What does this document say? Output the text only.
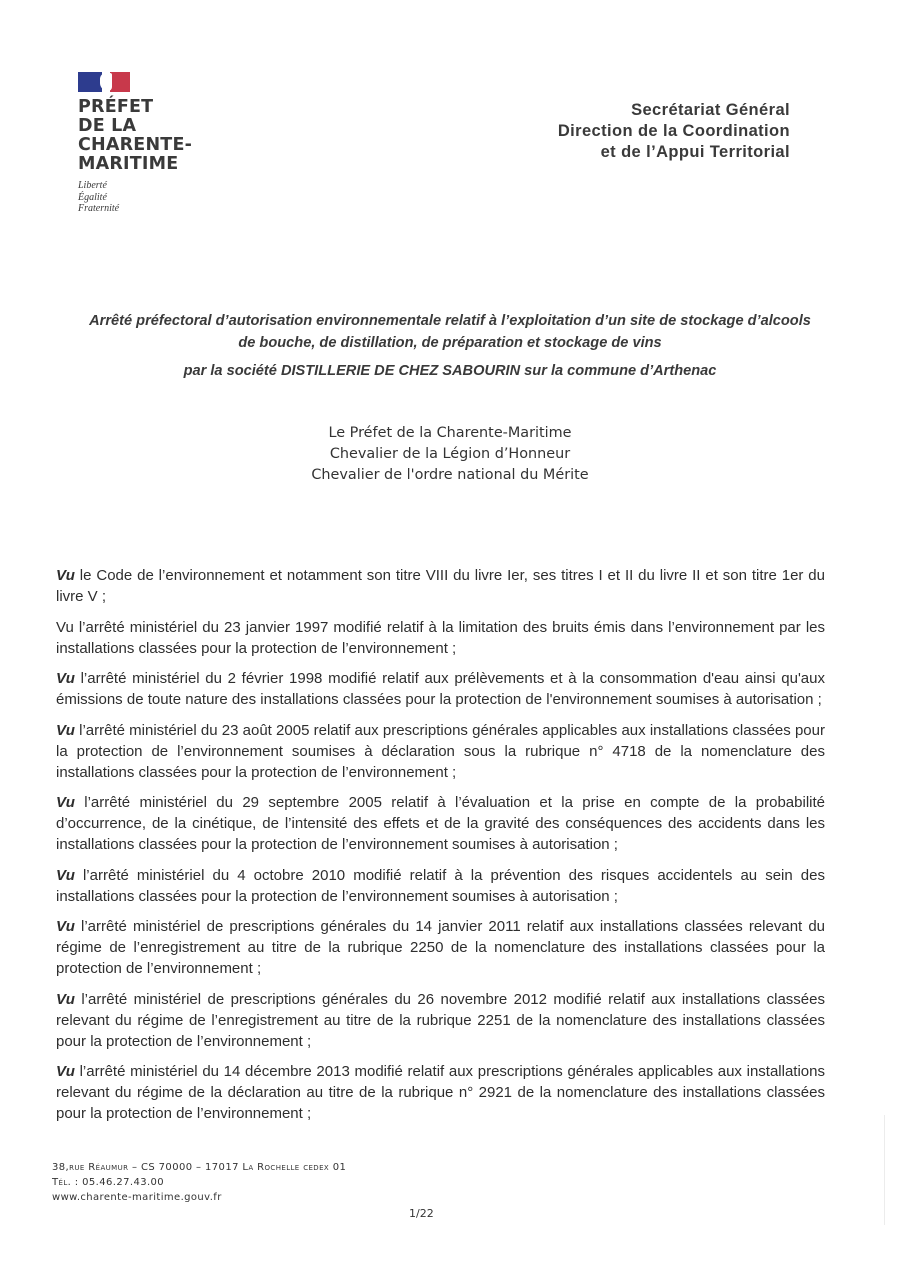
PRÉFET
DE LA
CHARENTE-
MARITIME
Liberté
Égalité
Fraternité
Secrétariat Général
Direction de la Coordination
et de l’Appui Territorial
Arrêté préfectoral d’autorisation environnementale relatif à l’exploitation d’un site de stockage d’alcools
de bouche, de distillation, de préparation et stockage de vins
par la société DISTILLERIE DE CHEZ SABOURIN sur la commune d’Arthenac
Le Préfet de la Charente-Maritime
Chevalier de la Légion d’Honneur
Chevalier de l'ordre national du Mérite

Vu le Code de l’environnement et notamment son titre VIII du livre Ier, ses titres I et II du livre II et son titre 1er du livre V ;

Vu l’arrêté ministériel du 23 janvier 1997 modifié relatif à la limitation des bruits émis dans l’environnement par les installations classées pour la protection de l’environnement ;

Vu l’arrêté ministériel du 2 février 1998 modifié relatif aux prélèvements et à la consommation d'eau ainsi qu'aux émissions de toute nature des installations classées pour la protection de l'environnement soumises à autorisation ;

Vu l’arrêté ministériel du 23 août 2005 relatif aux prescriptions générales applicables aux installations classées pour la protection de l’environnement soumises à déclaration sous la rubrique n° 4718 de la nomenclature des installations classées pour la protection de l’environnement ;

Vu l’arrêté ministériel du 29 septembre 2005 relatif à l’évaluation et la prise en compte de la probabilité d’occurrence, de la cinétique, de l’intensité des effets et de la gravité des conséquences des accidents dans les installations classées pour la protection de l’environnement soumises à autorisation ;

Vu l’arrêté ministériel du 4 octobre 2010 modifié relatif à la prévention des risques accidentels au sein des installations classées pour la protection de l’environnement soumises à autorisation ;

Vu l’arrêté ministériel de prescriptions générales du 14 janvier 2011 relatif aux installations classées relevant du régime de l’enregistrement au titre de la rubrique 2250 de la nomenclature des installations classées pour la protection de l’environnement ;

Vu l’arrêté ministériel de prescriptions générales du 26 novembre 2012 modifié relatif aux installations classées relevant du régime de l’enregistrement au titre de la rubrique 2251 de la nomenclature des installations classées pour la protection de l’environnement ;

Vu l’arrêté ministériel du 14 décembre 2013 modifié relatif aux prescriptions générales applicables aux installations relevant du régime de la déclaration au titre de la rubrique n° 2921 de la nomenclature des installations classées pour la protection de l’environnement ;

38,rue Réaumur – CS 70000 – 17017 La Rochelle cedex 01
Tél. : 05.46.27.43.00
www.charente-maritime.gouv.fr
1/22
